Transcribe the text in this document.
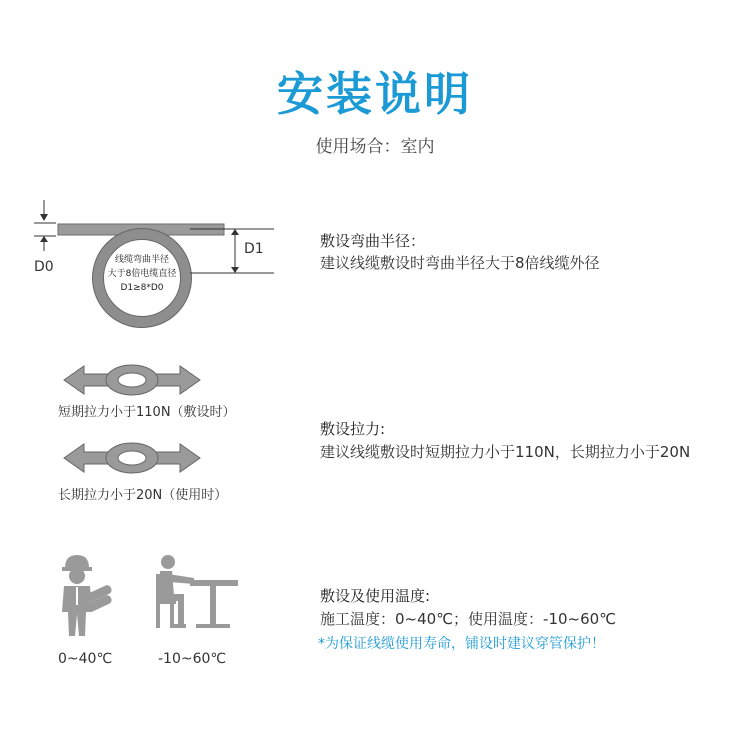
安装说明
使用场合：室内
D0
D1
线缆弯曲半径
大于8倍电缆直径
D1≥8*D0
敷设弯曲半径：
建议线缆敷设时弯曲半径大于8倍线缆外径
短期拉力小于110N（敷设时）
长期拉力小于20N（使用时）
敷设拉力:
建议线缆敷设时短期拉力小于110N，长期拉力小于20N
0~40℃	-10~60℃
敷设及使用温度:
施工温度：0~40℃；使用温度：-10~60℃
*为保证线缆使用寿命，铺设时建议穿管保护！
